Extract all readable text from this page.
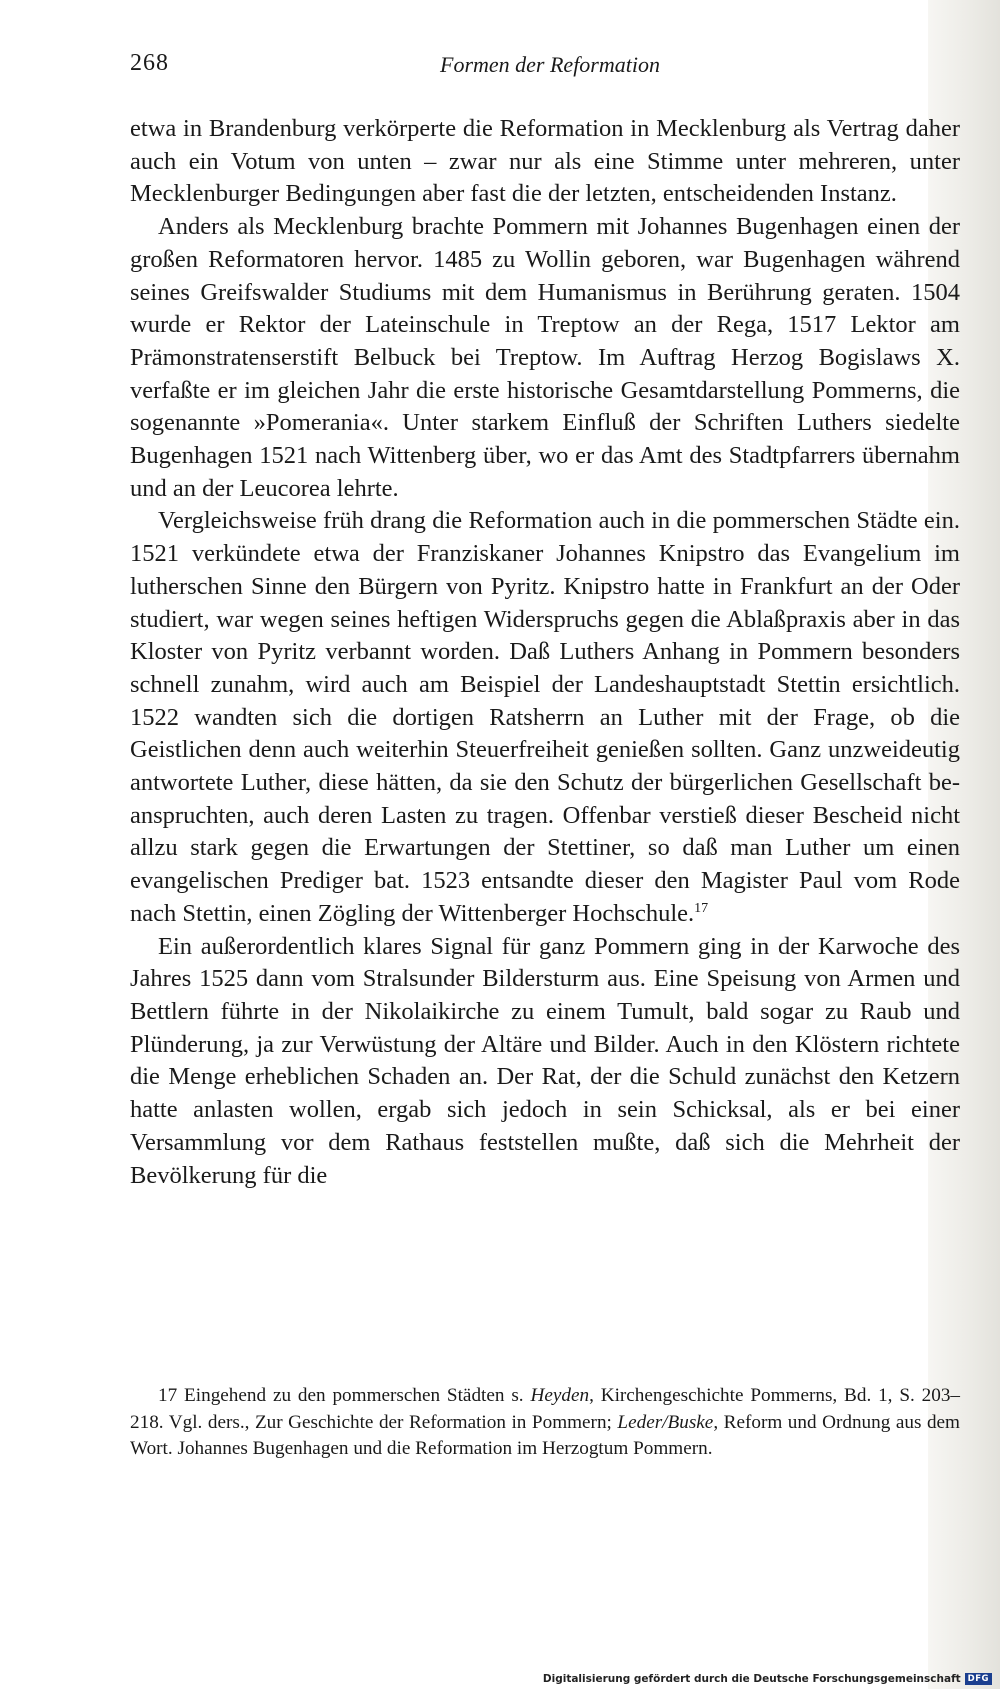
268	Formen der Reformation

etwa in Brandenburg verkörperte die Reformation in Mecklenburg als Vertrag daher auch ein Votum von unten – zwar nur als eine Stimme unter mehreren, unter Mecklenburger Bedingungen aber fast die der letzten, entscheidenden Instanz.

Anders als Mecklenburg brachte Pommern mit Johannes Bugenhagen einen der großen Reformatoren hervor. 1485 zu Wollin geboren, war Bugenhagen während seines Greifswalder Studiums mit dem Humanismus in Berührung geraten. 1504 wurde er Rektor der Lateinschule in Treptow an der Rega, 1517 Lektor am Prämonstratenserstift Belbuck bei Treptow. Im Auftrag Herzog Bogislaws X. verfaßte er im gleichen Jahr die erste historische Gesamtdarstellung Pommerns, die sogenannte »Pomerania«. Unter starkem Einfluß der Schriften Luthers siedelte Bugenhagen 1521 nach Wittenberg über, wo er das Amt des Stadtpfarrers übernahm und an der Leucorea lehrte.

Vergleichsweise früh drang die Reformation auch in die pommerschen Städte ein. 1521 verkündete etwa der Franziskaner Johannes Knipstro das Evangelium im lutherschen Sinne den Bürgern von Pyritz. Knipstro hatte in Frankfurt an der Oder studiert, war wegen seines heftigen Widerspruchs gegen die Ablaßpraxis aber in das Kloster von Pyritz verbannt worden. Daß Luthers Anhang in Pommern besonders schnell zunahm, wird auch am Beispiel der Landeshauptstadt Stettin ersichtlich. 1522 wandten sich die dortigen Ratsherrn an Luther mit der Frage, ob die Geistlichen denn auch weiterhin Steuerfreiheit genießen sollten. Ganz unzweideutig antwortete Luther, diese hätten, da sie den Schutz der bürgerlichen Gesellschaft beanspruchten, auch deren Lasten zu tragen. Offenbar verstieß dieser Bescheid nicht allzu stark gegen die Erwartungen der Stettiner, so daß man Luther um einen evangelischen Prediger bat. 1523 entsandte dieser den Magister Paul vom Rode nach Stettin, einen Zögling der Wittenberger Hochschule.$^{17}$

Ein außerordentlich klares Signal für ganz Pommern ging in der Karwoche des Jahres 1525 dann vom Stralsunder Bildersturm aus. Eine Speisung von Armen und Bettlern führte in der Nikolaikirche zu einem Tumult, bald sogar zu Raub und Plünderung, ja zur Verwüstung der Altäre und Bilder. Auch in den Klöstern richtete die Menge erheblichen Schaden an. Der Rat, der die Schuld zunächst den Ketzern hatte anlasten wollen, ergab sich jedoch in sein Schicksal, als er bei einer Versammlung vor dem Rathaus feststellen mußte, daß sich die Mehrheit der Bevölkerung für die

17 Eingehend zu den pommerschen Städten s. Heyden, Kirchengeschichte Pommerns, Bd. 1, S. 203–218. Vgl. ders., Zur Geschichte der Reformation in Pommern; Leder/Buske, Reform und Ordnung aus dem Wort. Johannes Bugenhagen und die Reformation im Herzogtum Pommern.

Digitalisierung gefördert durch die Deutsche Forschungsgemeinschaft DFG
